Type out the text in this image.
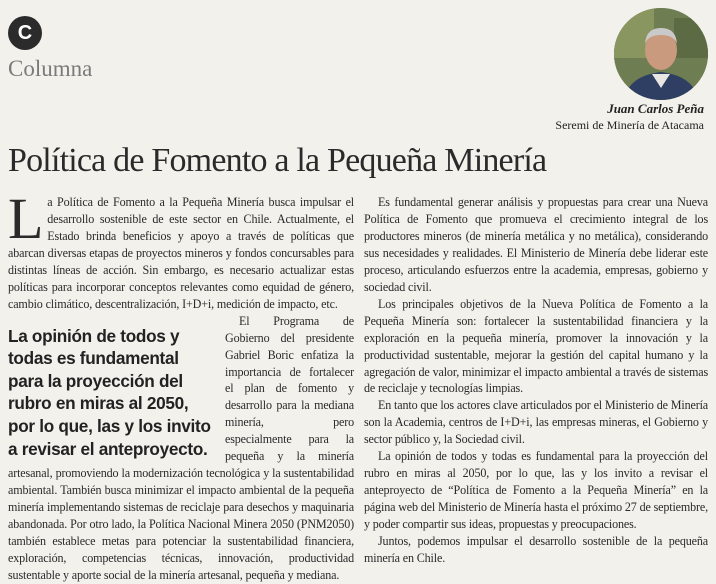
C
Columna
Juan Carlos Peña
Seremi de Minería de Atacama
Política de Fomento a la Pequeña Minería
L a Política de Fomento a la Pequeña Minería busca impulsar el desarrollo sostenible de este sector en Chile. Actualmente, el Estado brinda beneficios y apoyo a través de políticas que abarcan diversas etapas de proyectos mineros y fondos concursables para distintas líneas de acción. Sin embargo, es necesario actualizar estas políticas para incorporar conceptos relevantes como equidad de género, cambio climático, descentralización, I+D+i, medición de impacto, etc.

La opinión de todos y todas es fundamental para la proyección del rubro en miras al 2050, por lo que, las y los invito a revisar el anteproyecto.

El Programa de Gobierno del presidente Gabriel Boric enfatiza la importancia de fortalecer el plan de fomento y desarrollo para la mediana minería, pero especialmente para la pequeña y la minería artesanal, promoviendo la modernización tecnológica y la sustentabilidad ambiental. También busca minimizar el impacto ambiental de la pequeña minería implementando sistemas de reciclaje para desechos y maquinaria abandonada. Por otro lado, la Política Nacional Minera 2050 (PNM2050) también establece metas para potenciar la sustentabilidad financiera, exploración, competencias técnicas, innovación, productividad sustentable y aporte social de la minería artesanal, pequeña y mediana.

Es fundamental generar análisis y propuestas para crear una Nueva Política de Fomento que promueva el crecimiento integral de los productores mineros (de minería metálica y no metálica), considerando sus necesidades y realidades. El Ministerio de Minería debe liderar este proceso, articulando esfuerzos entre la academia, empresas, gobierno y sociedad civil.

Los principales objetivos de la Nueva Política de Fomento a la Pequeña Minería son: fortalecer la sustentabilidad financiera y la exploración en la pequeña minería, promover la innovación y la productividad sustentable, mejorar la gestión del capital humano y la agregación de valor, minimizar el impacto ambiental a través de sistemas de reciclaje y tecnologías limpias.

En tanto que los actores clave articulados por el Ministerio de Minería son la Academia, centros de I+D+i, las empresas mineras, el Gobierno y sector público y, la Sociedad civil.

La opinión de todos y todas es fundamental para la proyección del rubro en miras al 2050, por lo que, las y los invito a revisar el anteproyecto de “Política de Fomento a la Pequeña Minería” en la página web del Ministerio de Minería hasta el próximo 27 de septiembre, y poder compartir sus ideas, propuestas y preocupaciones.

Juntos, podemos impulsar el desarrollo sostenible de la pequeña minería en Chile.
